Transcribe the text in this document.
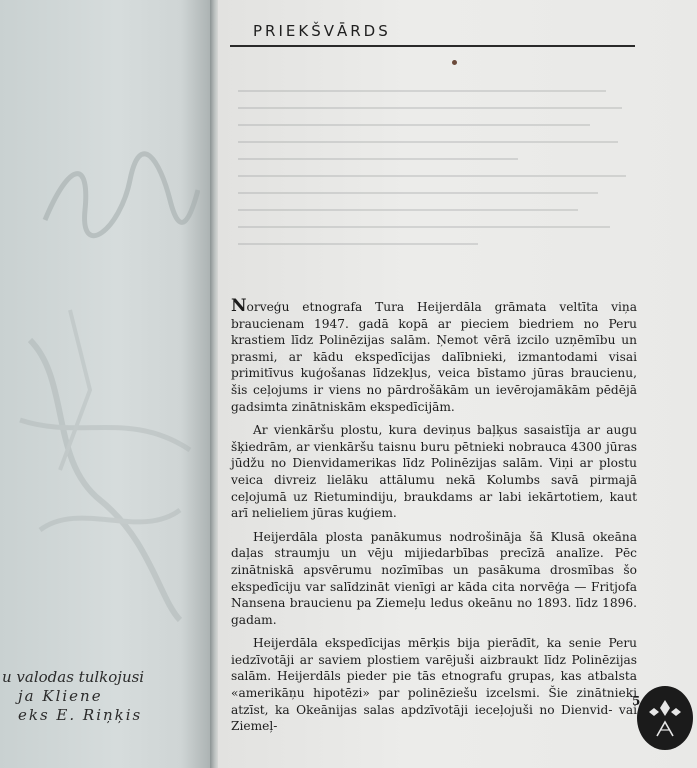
u valodas tulkojusi
ja Kliene
eks E. Riņķis
PRIEKŠVĀRDS

Norveģu etnografa Tura Heijerdāla grāmata veltīta viņa braucienam 1947. gadā kopā ar pieciem biedriem no Peru krastiem līdz Polinēzijas salām. Ņemot vērā izcilo uzņēmību un prasmi, ar kādu ekspedīcijas dalībnieki, izmantodami visai primitīvus kuģošanas līdzekļus, veica bīstamo jūras braucienu, šis ceļojums ir viens no pārdrošākām un ievērojamākām pēdējā gadsimta zinātniskām ekspedīcijām.

Ar vienkāršu plostu, kura deviņus baļķus sasaistīja ar augu šķiedrām, ar vienkāršu taisnu buru pētnieki nobrauca 4300 jūras jūdžu no Dienvidamerikas līdz Polinēzijas salām. Viņi ar plostu veica divreiz lielāku attālumu nekā Kolumbs savā pirmajā ceļojumā uz Rietumindiju, braukdams ar labi iekārtotiem, kaut arī nelieliem jūras kuģiem.

Heijerdāla plosta panākumus nodrošināja šā Klusā okeāna daļas straumju un vēju mijiedarbības precīzā analīze. Pēc zinātniskā apsvērumu nozīmības un pasākuma drosmības šo ekspedīciju var salīdzināt vienīgi ar kāda cita norvēģa — Fritjofa Nansena braucienu pa Ziemeļu ledus okeānu no 1893. līdz 1896. gadam.

Heijerdāla ekspedīcijas mērķis bija pierādīt, ka senie Peru iedzīvotāji ar saviem plostiem varējuši aizbraukt līdz Polinēzijas salām. Heijerdāls pieder pie tās etnografu grupas, kas atbalsta «amerikāņu hipotēzi» par polinēziešu izcelsmi. Šie zinātnieki atzīst, ka Okeānijas salas apdzīvotāji ieceļojuši no Dienvid- vai Ziemeļ-

5
